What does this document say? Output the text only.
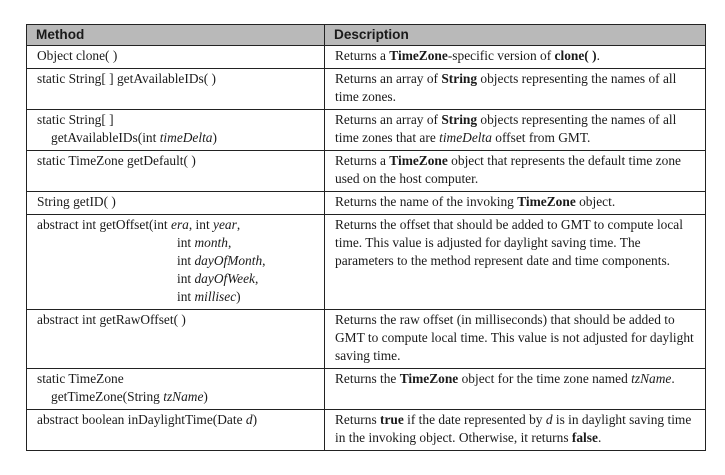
Method	Description
Object clone( )	Returns a TimeZone-specific version of clone( ).
static String[ ] getAvailableIDs( )	Returns an array of String objects representing the names of all time zones.

static String[ ]
getAvailableIDs(int timeDelta)	Returns an array of String objects representing the names of all time zones that are timeDelta offset from GMT.
static TimeZone getDefault( )	Returns a TimeZone object that represents the default time zone used on the host computer.
String getID( )	Returns the name of the invoking TimeZone object.

abstract int getOffset(int era, int year,
int month,
int dayOfMonth,
int dayOfWeek,
int millisec)	Returns the offset that should be added to GMT to compute local time. This value is adjusted for daylight saving time. The parameters to the method represent date and time components.
abstract int getRawOffset( )	Returns the raw offset (in milliseconds) that should be added to GMT to compute local time. This value is not adjusted for daylight saving time.

static TimeZone
getTimeZone(String tzName)	Returns the TimeZone object for the time zone named tzName.
abstract boolean inDaylightTime(Date d)	Returns true if the date represented by d is in daylight saving time in the invoking object. Otherwise, it returns false.
